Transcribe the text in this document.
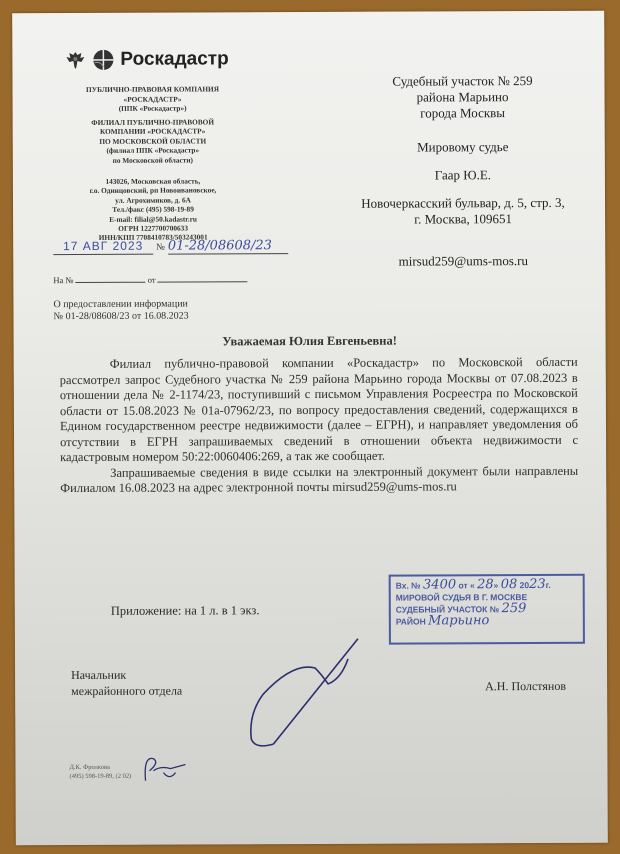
Роскадастр

ПУБЛИЧНО-ПРАВОВАЯ КОМПАНИЯ
«РОСКАДАСТР»
(ППК «Роскадастр»)

ФИЛИАЛ ПУБЛИЧНО-ПРАВОВОЙ
КОМПАНИИ «РОСКАДАСТР»
ПО МОСКОВСКОЙ ОБЛАСТИ
(филиал ППК «Роскадастр»
по Московской области)

143026, Московская область,
г.о. Одинцовский, рп Новоивановское,
ул. Агрохимиков, д. 6А
Тел./факс (495) 598-19-89
E-mail: filial@50.kadastr.ru
ОГРН 1227700700633
ИНН/КПП 7708410783/503243001
17 АВГ 2023 № 01-28/08608/23
На №	от
О предоставлении информации
№ 01-28/08608/23 от 16.08.2023

Судебный участок № 259

района Марьино

города Москвы

Мировому судье

Гаар Ю.Е.

Новочеркасский бульвар, д. 5, стр. 3,

г. Москва, 109651

mirsud259@ums-mos.ru

Уважаемая Юлия Евгеньевна!

Филиал публично-правовой компании «Роскадастр» по Московской области рассмотрел запрос Судебного участка № 259 района Марьино города Москвы от 07.08.2023 в отношении дела № 2-1174/23, поступивший с письмом Управления Росреестра по Московской области от 15.08.2023 № 01а-07962/23, по вопросу предоставления сведений, содержащихся в Едином государственном реестре недвижимости (далее – ЕГРН), и направляет уведомления об отсутствии в ЕГРН запрашиваемых сведений в отношении объекта недвижимости с кадастровым номером 50:22:0060406:269, а так же сообщает.

Запрашиваемые сведения в виде ссылки на электронный документ были направлены Филиалом 16.08.2023 на адрес электронной почты mirsud259@ums-mos.ru

Приложение: на 1 л. в 1 экз.
Вх. № 3400 от « 28» 08 2023г.
МИРОВОЙ СУДЬЯ В Г. МОСКВЕ
СУДЕБНЫЙ УЧАСТОК № 259
РАЙОН Марьино
Начальник
межрайонного отдела	А.Н. Полстянов
Д.К. Фролкова
(495) 598-19-89, (2 02)
